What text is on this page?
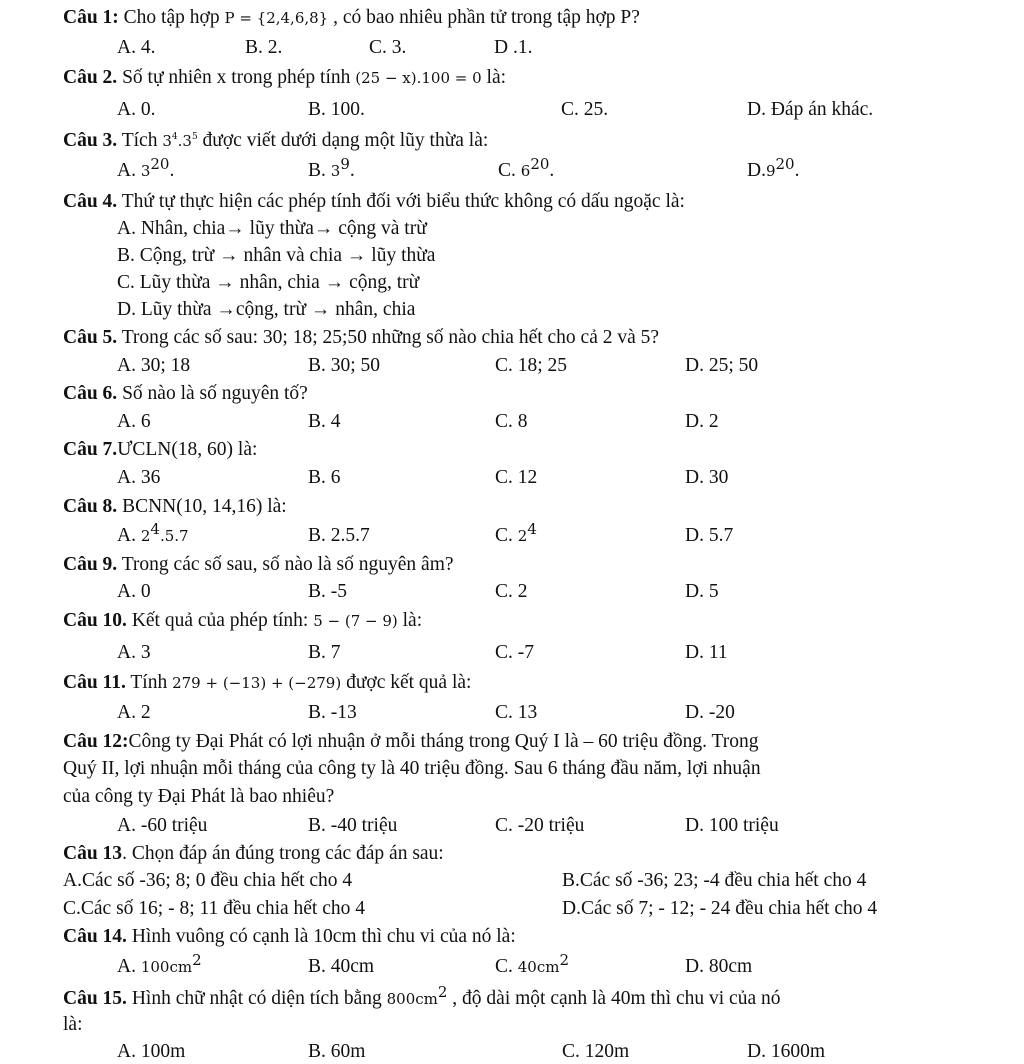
Câu 1: Cho tập hợp P = {2,4,6,8} , có bao nhiêu phần tử trong tập hợp P?
A. 4.	B. 2.	C. 3.	D .1.
Câu 2. Số tự nhiên x trong phép tính (25 − x).100 = 0 là:
A. 0.	B. 100.	C. 25.	D. Đáp án khác.
Câu 3. Tích $3^4.3^5$ được viết dưới dạng một lũy thừa là:
A. $3^{20}$.	B. $3^9$.	C. $6^{20}$.	$D.9^{20}$.
Câu 4. Thứ tự thực hiện các phép tính đối với biểu thức không có dấu ngoặc là:
A. Nhân, chia→ lũy thừa→ cộng và trừ
B. Cộng, trừ → nhân và chia → lũy thừa
C. Lũy thừa → nhân, chia → cộng, trừ
D. Lũy thừa →cộng, trừ → nhân, chia
Câu 5. Trong các số sau: 30; 18; 25;50 những số nào chia hết cho cả 2 và 5?
A. 30; 18	B. 30; 50	C. 18; 25	D. 25; 50
Câu 6. Số nào là số nguyên tố?
A. 6	B. 4	C. 8	D. 2
Câu 7.ƯCLN(18, 60) là:
A. 36	B. 6	C. 12	D. 30
Câu 8. BCNN(10, 14,16) là:
A. $2^4.5.7$	B. 2.5.7	C. $2^4$	D. 5.7
Câu 9. Trong các số sau, số nào là số nguyên âm?
A. 0	B. -5	C. 2	D. 5
Câu 10. Kết quả của phép tính: 5 − (7 − 9) là:
A. 3	B. 7	C. -7	D. 11
Câu 11. Tính 279 + (−13) + (−279) được kết quả là:
A. 2	B. -13	C. 13	D. -20
Câu 12:Công ty Đại Phát có lợi nhuận ở mỗi tháng trong Quý I là – 60 triệu đồng. Trong
Quý II, lợi nhuận mỗi tháng của công ty là 40 triệu đồng. Sau 6 tháng đầu năm, lợi nhuận
của công ty Đại Phát là bao nhiêu?
A. -60 triệu	B. -40 triệu	C. -20 triệu	D. 100 triệu
Câu 13. Chọn đáp án đúng trong các đáp án sau:
A.Các số -36; 8; 0 đều chia hết cho 4	B.Các số -36; 23; -4 đều chia hết cho 4
C.Các số 16; - 8; 11 đều chia hết cho 4	D.Các số 7; - 12; - 24 đều chia hết cho 4
Câu 14. Hình vuông có cạnh là 10cm thì chu vi của nó là:
A. $100cm^2$	B. 40cm	C. $40cm^2$	D. 80cm
Câu 15. Hình chữ nhật có diện tích bằng $800cm^2$ , độ dài một cạnh là 40m thì chu vi của nó
là:
A. 100m	B. 60m	C. 120m	D. 1600m
